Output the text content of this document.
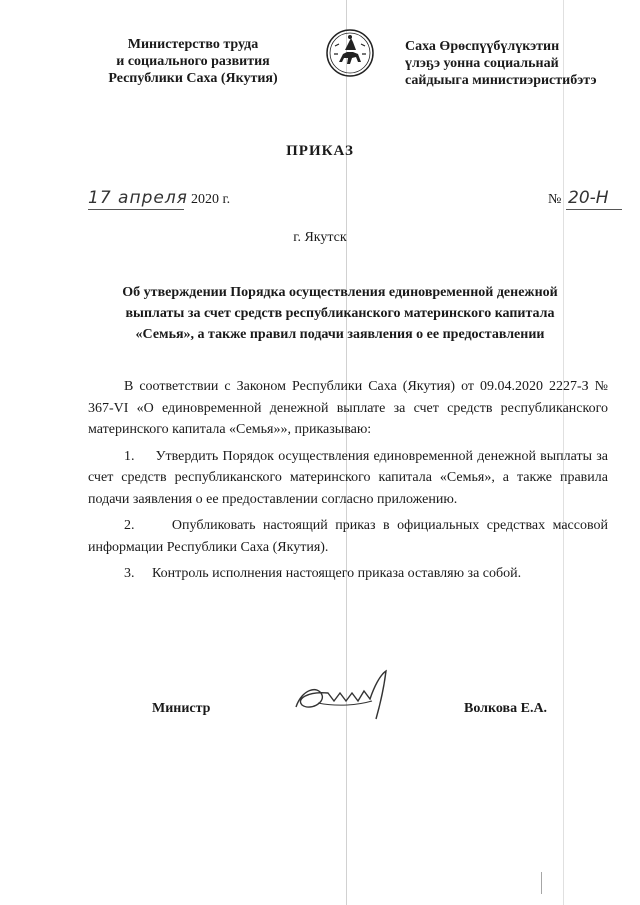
Министерство труда
и социального развития
Республики Саха (Якутия)
Саха Өрөспүүбүлүкэтин
үлэҕэ уонна социальнай
сайдыыга министиэристибэтэ
ПРИКАЗ
17 апреля 2020 г.	№ 20-Н
г. Якутск
Об утверждении Порядка осуществления единовременной денежной
выплаты за счет средств республиканского материнского капитала
«Семья», а также правил подачи заявления о ее предоставлении

В соответствии с Законом Республики Саха (Якутия) от 09.04.2020 2227-З № 367-VI «О единовременной денежной выплате за счет средств республиканского материнского капитала «Семья»», приказываю:

1.     Утвердить Порядок осуществления единовременной денежной выплаты за счет средств республиканского материнского капитала «Семья», а также правила подачи заявления о ее предоставлении согласно приложению.

2.     Опубликовать настоящий приказ в официальных средствах массовой информации Республики Саха (Якутия).

3.     Контроль исполнения настоящего приказа оставляю за собой.

Министр	Волкова Е.А.
